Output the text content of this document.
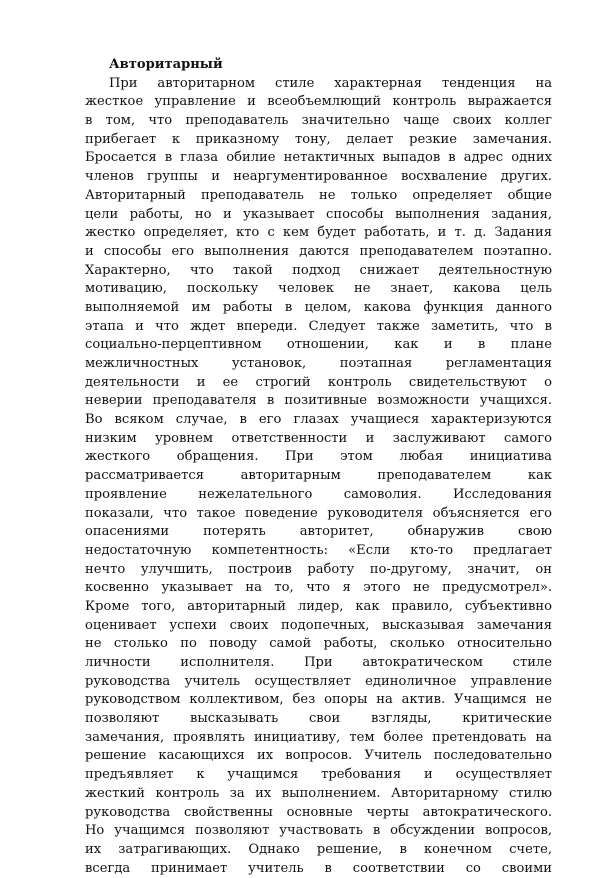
Авторитарный
При авторитарном стиле характерная тенденция на
жесткое управление и всеобъемлющий контроль выражается
в том, что преподаватель значительно чаще своих коллег
прибегает к приказному тону, делает резкие замечания.
Бросается в глаза обилие нетактичных выпадов в адрес одних
членов группы и неаргументированное восхваление других.
Авторитарный преподаватель не только определяет общие
цели работы, но и указывает способы выполнения задания,
жестко определяет, кто с кем будет работать, и т. д. Задания
и способы его выполнения даются преподавателем поэтапно.
Характерно, что такой подход снижает деятельностную
мотивацию, поскольку человек не знает, какова цель
выполняемой им работы в целом, какова функция данного
этапа и что ждет впереди. Следует также заметить, что в
социально-перцептивном отношении, как и в плане
межличностных установок, поэтапная регламентация
деятельности и ее строгий контроль свидетельствуют о
неверии преподавателя в позитивные возможности учащихся.
Во всяком случае, в его глазах учащиеся характеризуются
низким уровнем ответственности и заслуживают самого
жесткого обращения. При этом любая инициатива
рассматривается авторитарным преподавателем как
проявление нежелательного самоволия. Исследования
показали, что такое поведение руководителя объясняется его
опасениями потерять авторитет, обнаружив свою
недостаточную компетентность: «Если кто-то предлагает
нечто улучшить, построив работу по-другому, значит, он
косвенно указывает на то, что я этого не предусмотрел».
Кроме того, авторитарный лидер, как правило, субъективно
оценивает успехи своих подопечных, высказывая замечания
не столько по поводу самой работы, сколько относительно
личности исполнителя. При автократическом стиле
руководства учитель осуществляет единоличное управление
руководством коллективом, без опоры на актив. Учащимся не
позволяют высказывать свои взгляды, критические
замечания, проявлять инициативу, тем более претендовать на
решение касающихся их вопросов. Учитель последовательно
предъявляет к учащимся требования и осуществляет
жесткий контроль за их выполнением. Авторитарному стилю
руководства свойственны основные черты автократического.
Но учащимся позволяют участвовать в обсуждении вопросов,
их затрагивающих. Однако решение, в конечном счете,
всегда принимает учитель в соответствии со своими
